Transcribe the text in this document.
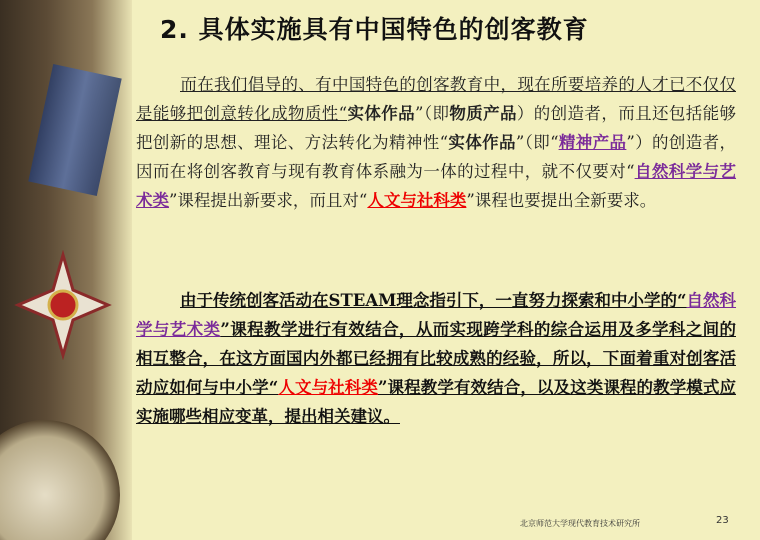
2. 具体实施具有中国特色的创客教育
而在我们倡导的、有中国特色的创客教育中，现在所要培养的人才已不仅仅是能够把创意转化成物质性“实体作品”（即物质产品）的创造者，而且还包括能够把创新的思想、理论、方法转化为精神性“实体作品”（即“精神产品”）的创造者，因而在将创客教育与现有教育体系融为一体的过程中，就不仅要对“自然科学与艺术类”课程提出新要求，而且对“人文与社科类”课程也要提出全新要求。
由于传统创客活动在STEAM理念指引下，一直努力探索和中小学的“自然科学与艺术类”课程教学进行有效结合，从而实现跨学科的综合运用及多学科之间的相互整合，在这方面国内外都已经拥有比较成熟的经验，所以，下面着重对创客活动应如何与中小学“人文与社科类”课程教学有效结合，以及这类课程的教学模式应实施哪些相应变革，提出相关建议。
北京师范大学现代教育技术研究所	23
